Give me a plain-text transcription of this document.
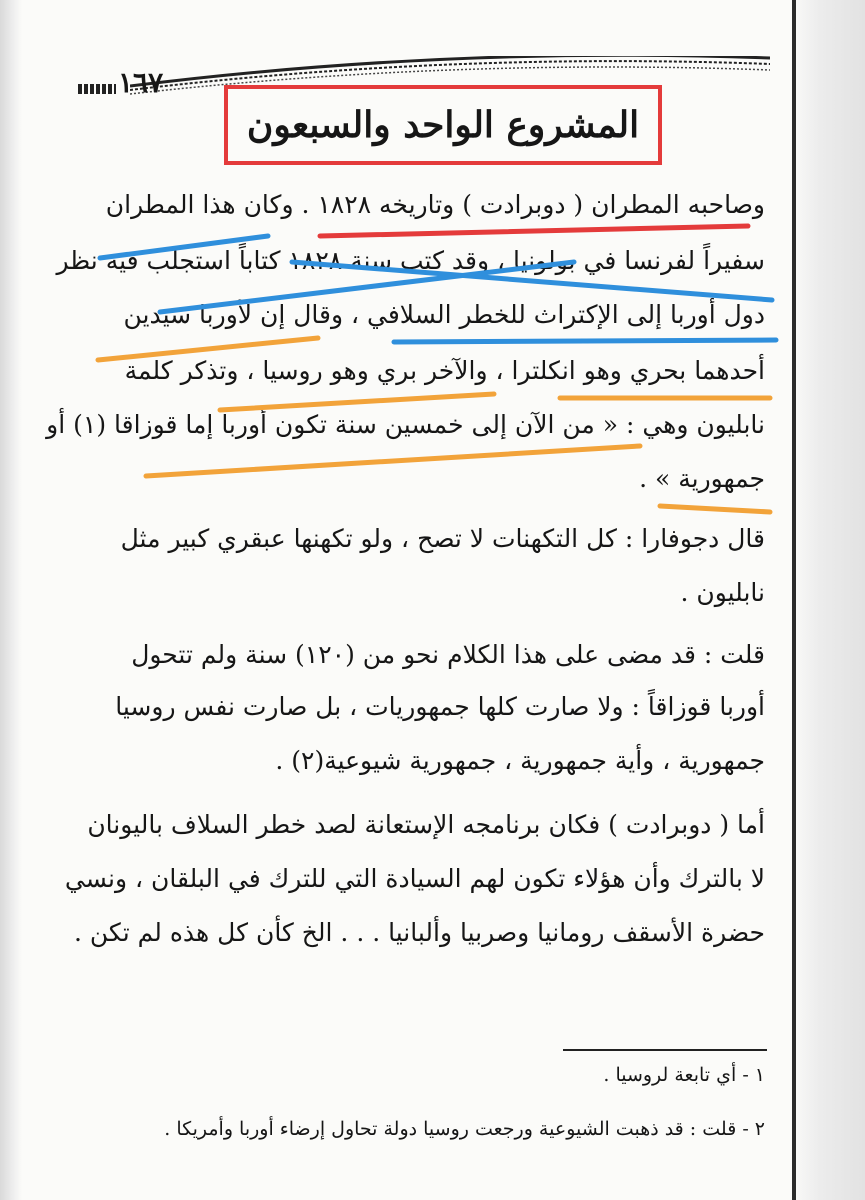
١٦٧
المشروع الواحد والسبعون
وصاحبه المطران ( دوبرادت ) وتاريخه ١٨٢٨ . وكان هذا المطران
سفيراً لفرنسا في بولونيا ، وقد كتب سنة ١٨٢٨ كتاباً استجلب فيه نظر
دول أوربا إلى الإكتراث للخطر السلافي ، وقال إن لأوربا سيدين
أحدهما بحري وهو انكلترا ، والآخر بري وهو روسيا ، وتذكر كلمة
نابليون وهي : « من الآن إلى خمسين سنة تكون أوربا إما قوزاقا (١) أو
جمهورية » .
قال دجوفارا : كل التكهنات لا تصح ، ولو تكهنها عبقري كبير مثل
نابليون .
قلت : قد مضى على هذا الكلام نحو من (١٢٠) سنة ولم تتحول
أوربا قوزاقاً : ولا صارت كلها جمهوريات ، بل صارت نفس روسيا
جمهورية ، وأية جمهورية ، جمهورية شيوعية(٢) .
أما ( دوبرادت ) فكان برنامجه الإستعانة لصد خطر السلاف باليونان
لا بالترك وأن هؤلاء تكون لهم السيادة التي للترك في البلقان ، ونسي
حضرة الأسقف رومانيا وصربيا وألبانيا . . . الخ كأن كل هذه لم تكن .
١ - أي تابعة لروسيا .
٢ - قلت : قد ذهبت الشيوعية ورجعت روسيا دولة تحاول إرضاء أوربا وأمريكا .
